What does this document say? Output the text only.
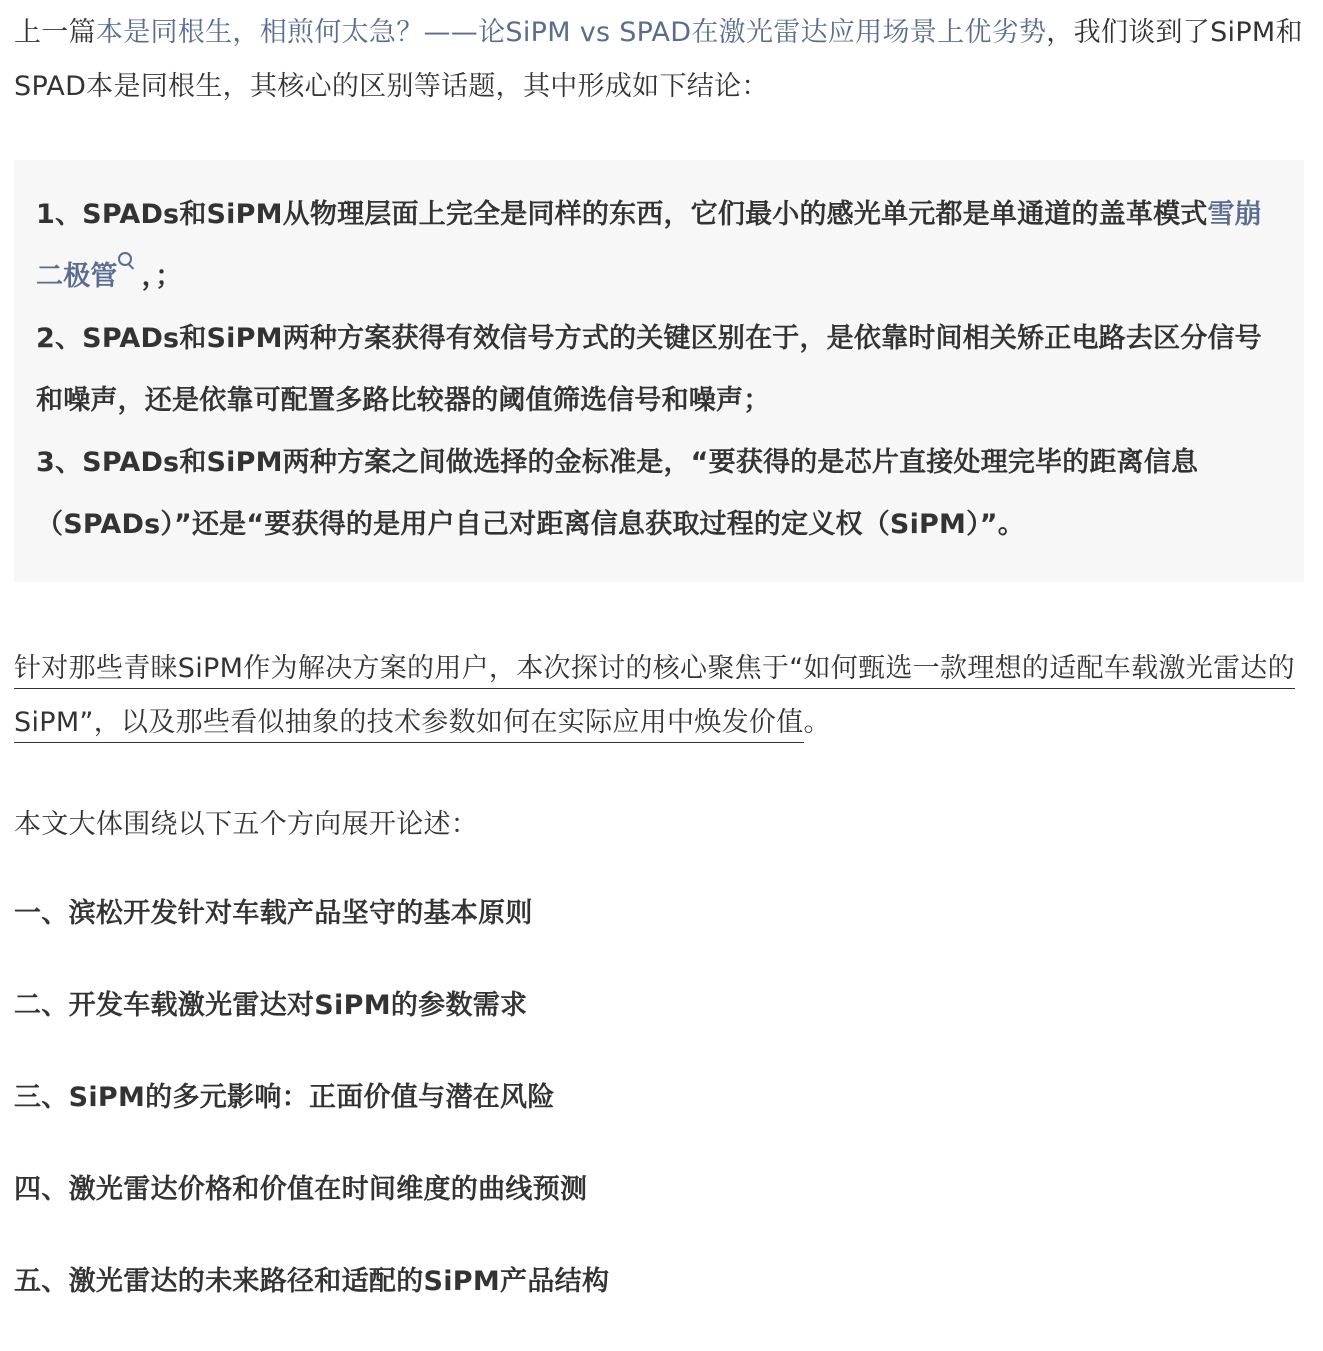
上一篇本是同根生，相煎何太急？——论SiPM vs SPAD在激光雷达应用场景上优劣势，我们谈到了SiPM和SPAD本是同根生，其核心的区别等话题，其中形成如下结论：

1、SPADs和SiPM从物理层面上完全是同样的东西，它们最小的感光单元都是单通道的盖革模式雪崩二极管 ，；

2、SPADs和SiPM两种方案获得有效信号方式的关键区别在于，是依靠时间相关矫正电路去区分信号和噪声，还是依靠可配置多路比较器的阈值筛选信号和噪声；

3、SPADs和SiPM两种方案之间做选择的金标准是，“要获得的是芯片直接处理完毕的距离信息（SPADs）”还是“要获得的是用户自己对距离信息获取过程的定义权（SiPM）”。

针对那些青睐SiPM作为解决方案的用户，本次探讨的核心聚焦于“如何甄选一款理想的适配车载激光雷达的SiPM”，以及那些看似抽象的技术参数如何在实际应用中焕发价值。

本文大体围绕以下五个方向展开论述：

一、滨松开发针对车载产品坚守的基本原则
二、开发车载激光雷达对SiPM的参数需求
三、SiPM的多元影响：正面价值与潜在风险
四、激光雷达价格和价值在时间维度的曲线预测
五、激光雷达的未来路径和适配的SiPM产品结构
